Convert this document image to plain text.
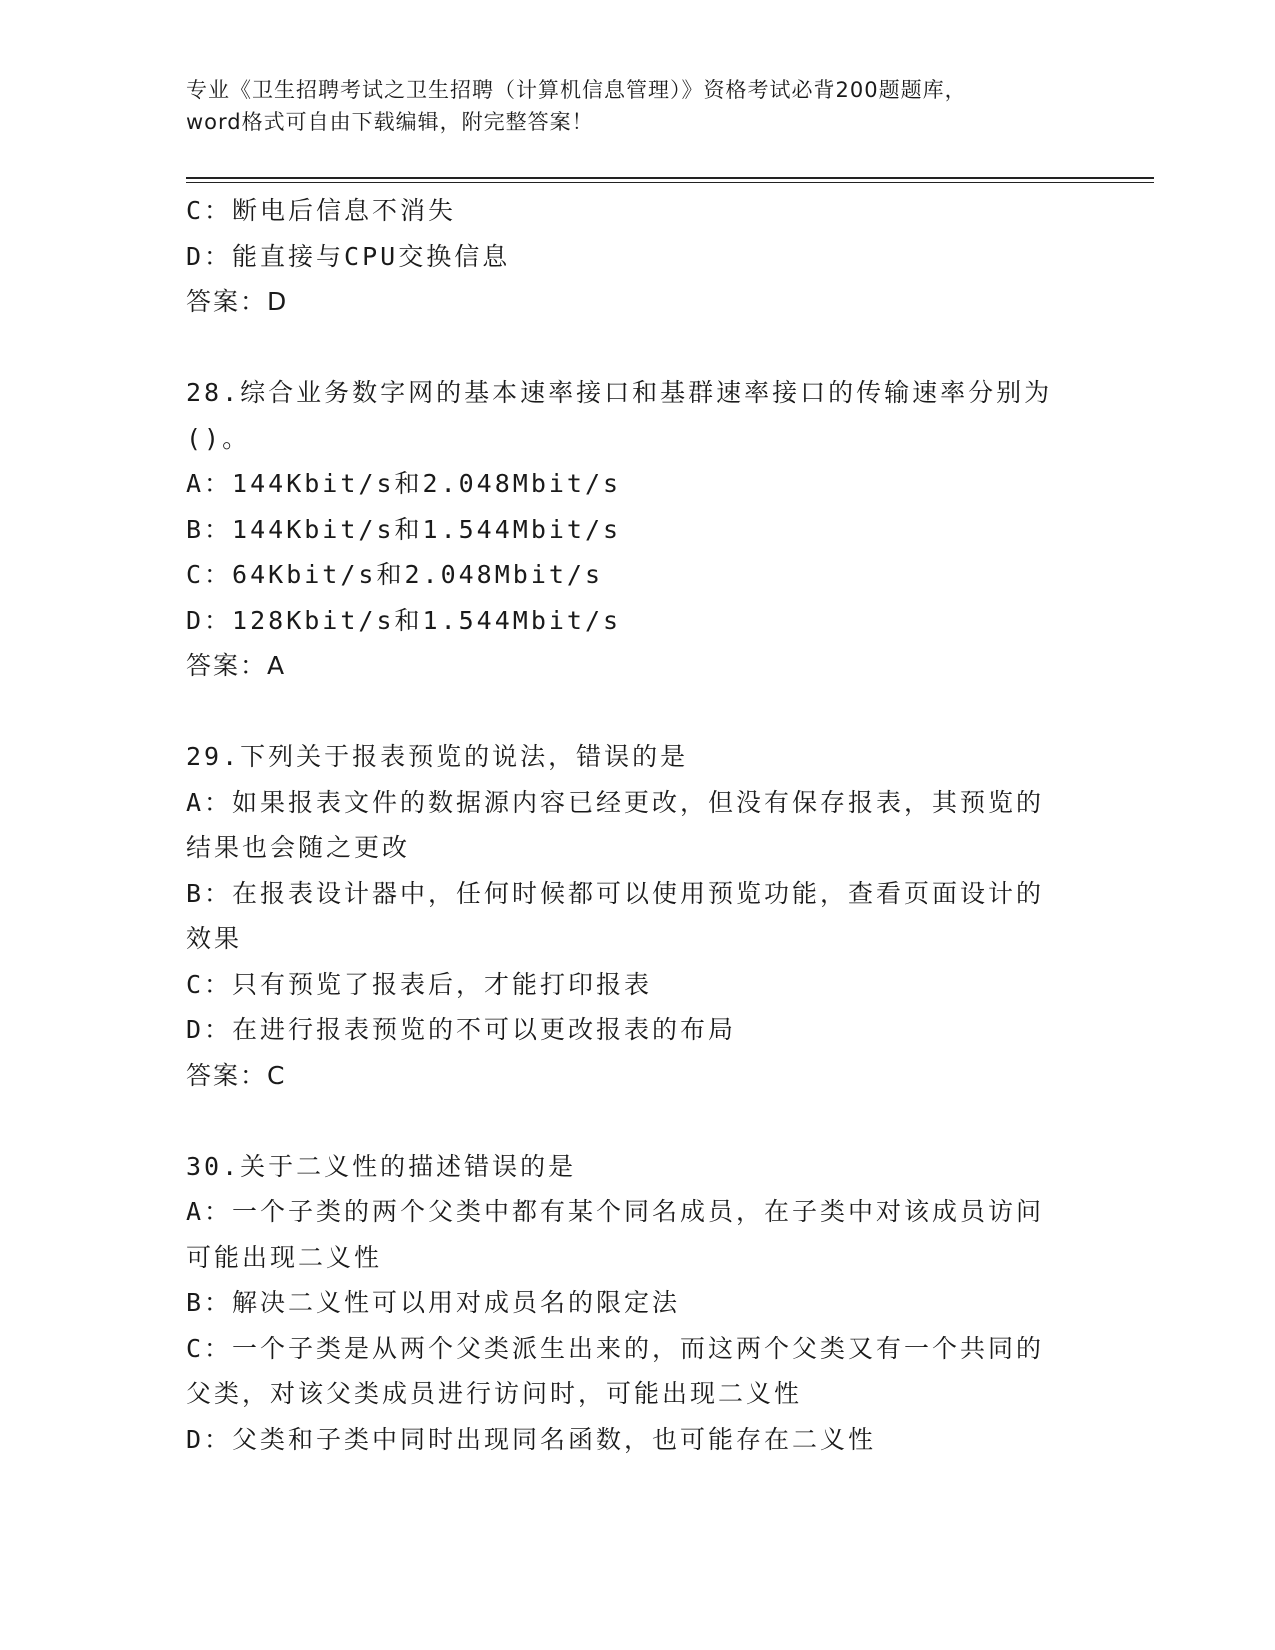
专业《卫生招聘考试之卫生招聘（计算机信息管理）》资格考试必背200题题库，
word格式可自由下载编辑，附完整答案！

C：断电后信息不消失

D：能直接与CPU交换信息

答案：D

28.综合业务数字网的基本速率接口和基群速率接口的传输速率分别为

()。

A：144Kbit/s和2.048Mbit/s

B：144Kbit/s和1.544Mbit/s

C：64Kbit/s和2.048Mbit/s

D：128Kbit/s和1.544Mbit/s

答案：A

29.下列关于报表预览的说法，错误的是

A：如果报表文件的数据源内容已经更改，但没有保存报表，其预览的

结果也会随之更改

B：在报表设计器中，任何时候都可以使用预览功能，查看页面设计的

效果

C：只有预览了报表后，才能打印报表

D：在进行报表预览的不可以更改报表的布局

答案：C

30.关于二义性的描述错误的是

A：一个子类的两个父类中都有某个同名成员，在子类中对该成员访问

可能出现二义性

B：解决二义性可以用对成员名的限定法

C：一个子类是从两个父类派生出来的，而这两个父类又有一个共同的

父类，对该父类成员进行访问时，可能出现二义性

D：父类和子类中同时出现同名函数，也可能存在二义性
